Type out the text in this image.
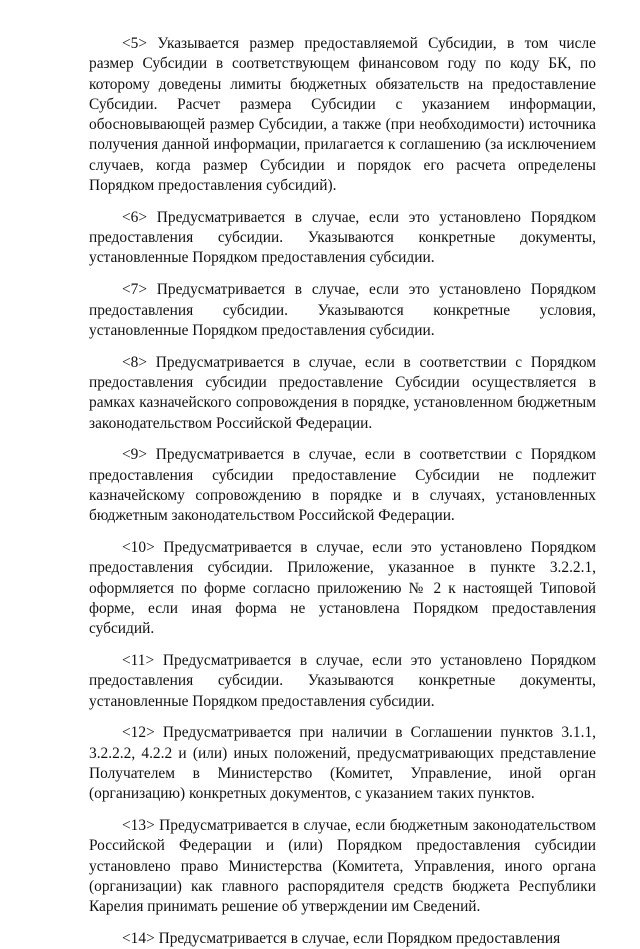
<5> Указывается размер предоставляемой Субсидии, в том числе размер Субсидии в соответствующем финансовом году по коду БК, по которому доведены лимиты бюджетных обязательств на предоставление Субсидии. Расчет размера Субсидии с указанием информации, обосновывающей размер Субсидии, а также (при необходимости) источника получения данной информации, прилагается к соглашению (за исключением случаев, когда размер Субсидии и порядок его расчета определены Порядком предоставления субсидий).

<6> Предусматривается в случае, если это установлено Порядком предоставления субсидии. Указываются конкретные документы, установленные Порядком предоставления субсидии.

<7> Предусматривается в случае, если это установлено Порядком предоставления субсидии. Указываются конкретные условия, установленные Порядком предоставления субсидии.

<8> Предусматривается в случае, если в соответствии с Порядком предоставления субсидии предоставление Субсидии осуществляется в рамках казначейского сопровождения в порядке, установленном бюджетным законодательством Российской Федерации.

<9> Предусматривается в случае, если в соответствии с Порядком предоставления субсидии предоставление Субсидии не подлежит казначейскому сопровождению в порядке и в случаях, установленных бюджетным законодательством Российской Федерации.

<10> Предусматривается в случае, если это установлено Порядком предоставления субсидии. Приложение, указанное в пункте 3.2.2.1, оформляется по форме согласно приложению № 2 к настоящей Типовой форме, если иная форма не установлена Порядком предоставления субсидий.

<11> Предусматривается в случае, если это установлено Порядком предоставления субсидии. Указываются конкретные документы, установленные Порядком предоставления субсидии.

<12> Предусматривается при наличии в Соглашении пунктов 3.1.1, 3.2.2.2, 4.2.2 и (или) иных положений, предусматривающих представление Получателем в Министерство (Комитет, Управление, иной орган (организацию) конкретных документов, с указанием таких пунктов.

<13> Предусматривается в случае, если бюджетным законодательством Российской Федерации и (или) Порядком предоставления субсидии установлено право Министерства (Комитета, Управления, иного органа (организации) как главного распорядителя средств бюджета Республики Карелия принимать решение об утверждении им Сведений.

<14> Предусматривается в случае, если Порядком предоставления
